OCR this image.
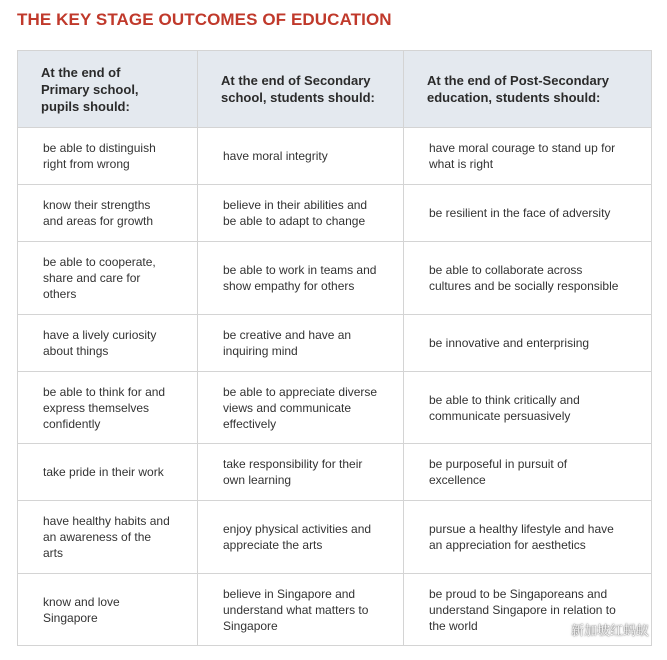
THE KEY STAGE OUTCOMES OF EDUCATION
At the end of
Primary school,
pupils should:	At the end of Secondary
school, students should:	At the end of Post-Secondary
education, students should:
be able to distinguish
right from wrong	have moral integrity	have moral courage to stand up for
what is right
know their strengths
and areas for growth	believe in their abilities and
be able to adapt to change	be resilient in the face of adversity
be able to cooperate,
share and care for
others	be able to work in teams and
show empathy for others	be able to collaborate across
cultures and be socially responsible
have a lively curiosity
about things	be creative and have an
inquiring mind	be innovative and enterprising
be able to think for and
express themselves
confidently	be able to appreciate diverse
views and communicate
effectively	be able to think critically and
communicate persuasively
take pride in their work	take responsibility for their
own learning	be purposeful in pursuit of
excellence
have healthy habits and
an awareness of the
arts	enjoy physical activities and
appreciate the arts	pursue a healthy lifestyle and have
an appreciation for aesthetics
know and love
Singapore	believe in Singapore and
understand what matters to
Singapore	be proud to be Singaporeans and
understand Singapore in relation to
the world	新加坡红蚂蚁
